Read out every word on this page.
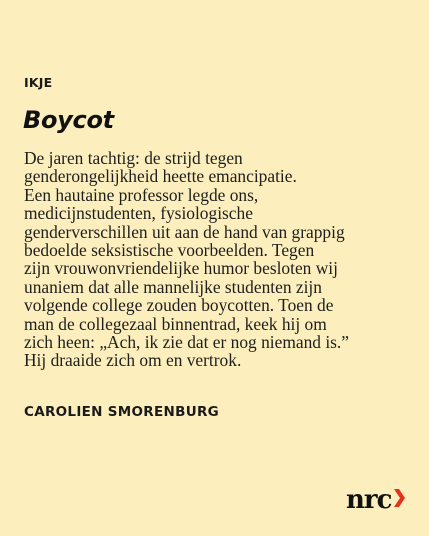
IKJE
Boycot
De jaren tachtig: de strijd tegen
genderongelijkheid heette emancipatie.
Een hautaine professor legde ons,
medicijnstudenten, fysiologische
genderverschillen uit aan de hand van grappig
bedoelde seksistische voorbeelden. Tegen
zijn vrouwonvriendelijke humor besloten wij
unaniem dat alle mannelijke studenten zijn
volgende college zouden boycotten. Toen de
man de collegezaal binnentrad, keek hij om
zich heen: „Ach, ik zie dat er nog niemand is.”
Hij draaide zich om en vertrok.
CAROLIEN SMORENBURG
nrc
